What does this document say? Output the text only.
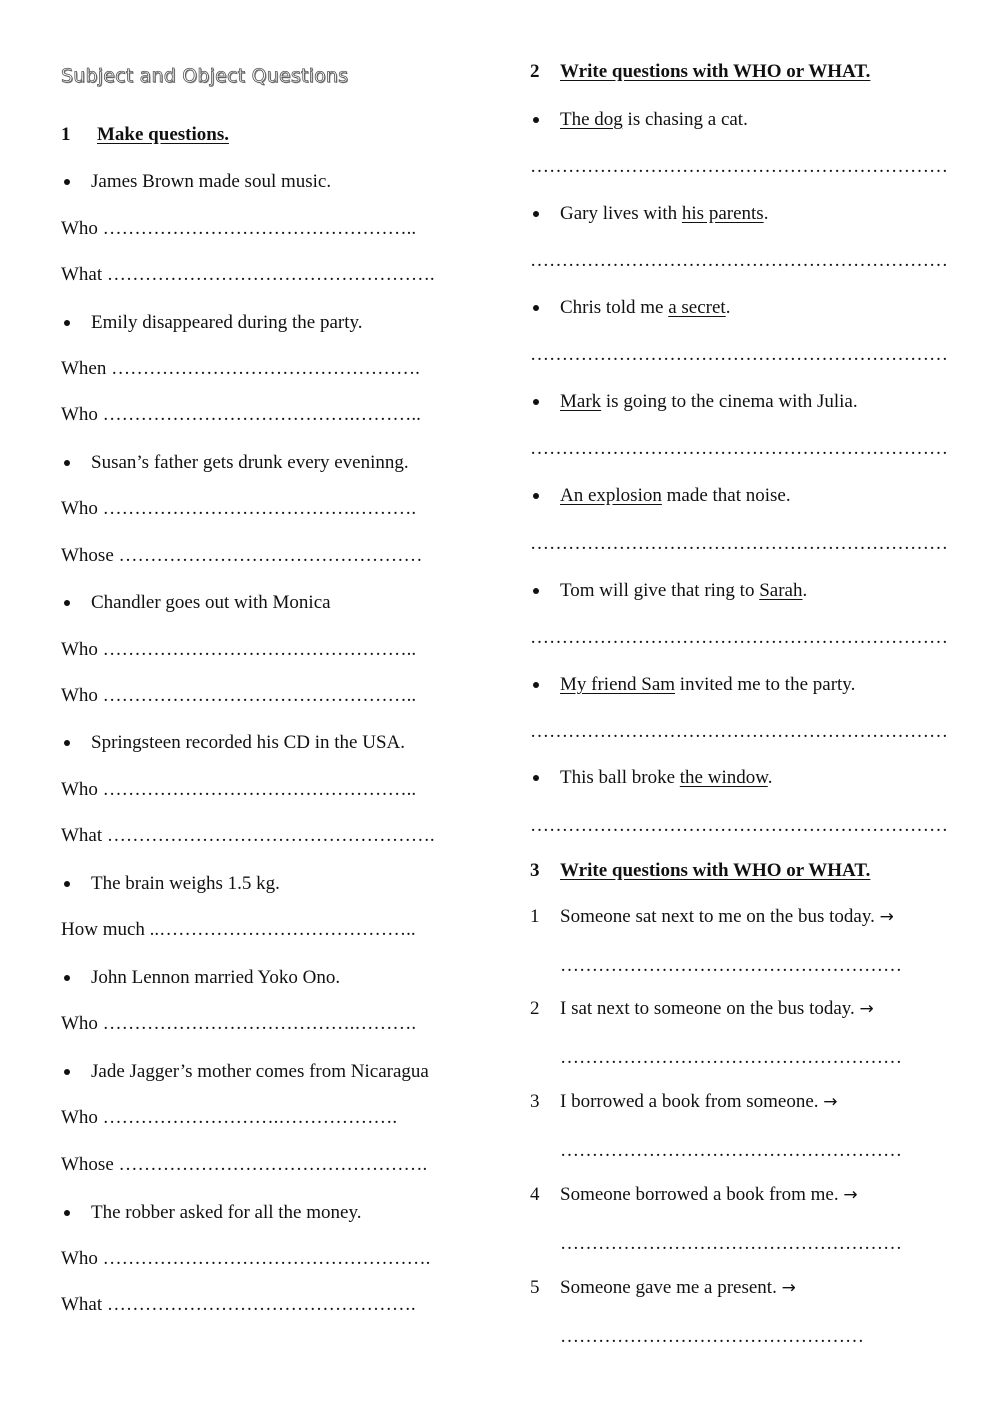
Subject and Object Questions
1 Make questions.
James Brown made soul music.
Who …………………………………………..
What …………………………………………….
Emily disappeared during the party.
When ………………………………………….
Who ………………………………….………..
Susan’s father gets drunk every eveninng.
Who ………………………………….……….
Whose …………………………………………
Chandler goes out with Monica
Who …………………………………………..
Who …………………………………………..
Springsteen recorded his CD in the USA.
Who …………………………………………..
What …………………………………………….
The brain weighs 1.5 kg.
How much ..…………………………………..
John Lennon married Yoko Ono.
Who ………………………………….……….
Jade Jagger’s mother comes from Nicaragua
Who ……………………….……………….
Whose ………………………………………….
The robber asked for all the money.
Who …………………………………………….
What ………………………………………….
2 Write questions with WHO or WHAT.
The dog is chasing a cat.
…………………………………………………………
Gary lives with his parents.
…………………………………………………………
Chris told me a secret.
…………………………………………………………
Mark is going to the cinema with Julia.
…………………………………………………………
An explosion made that noise.
…………………………………………………………
Tom will give that ring to Sarah.
…………………………………………………………
My friend Sam invited me to the party.
…………………………………………………………
This ball broke the window.
…………………………………………………………
3 Write questions with WHO or WHAT.
1 Someone sat next to me on the bus today. →
………………………………………………
2 I sat next to someone on the bus today. →
………………………………………………
3 I borrowed a book from someone. →
………………………………………………
4 Someone borrowed a book from me. →
………………………………………………
5 Someone gave me a present. →
…………………………………………
